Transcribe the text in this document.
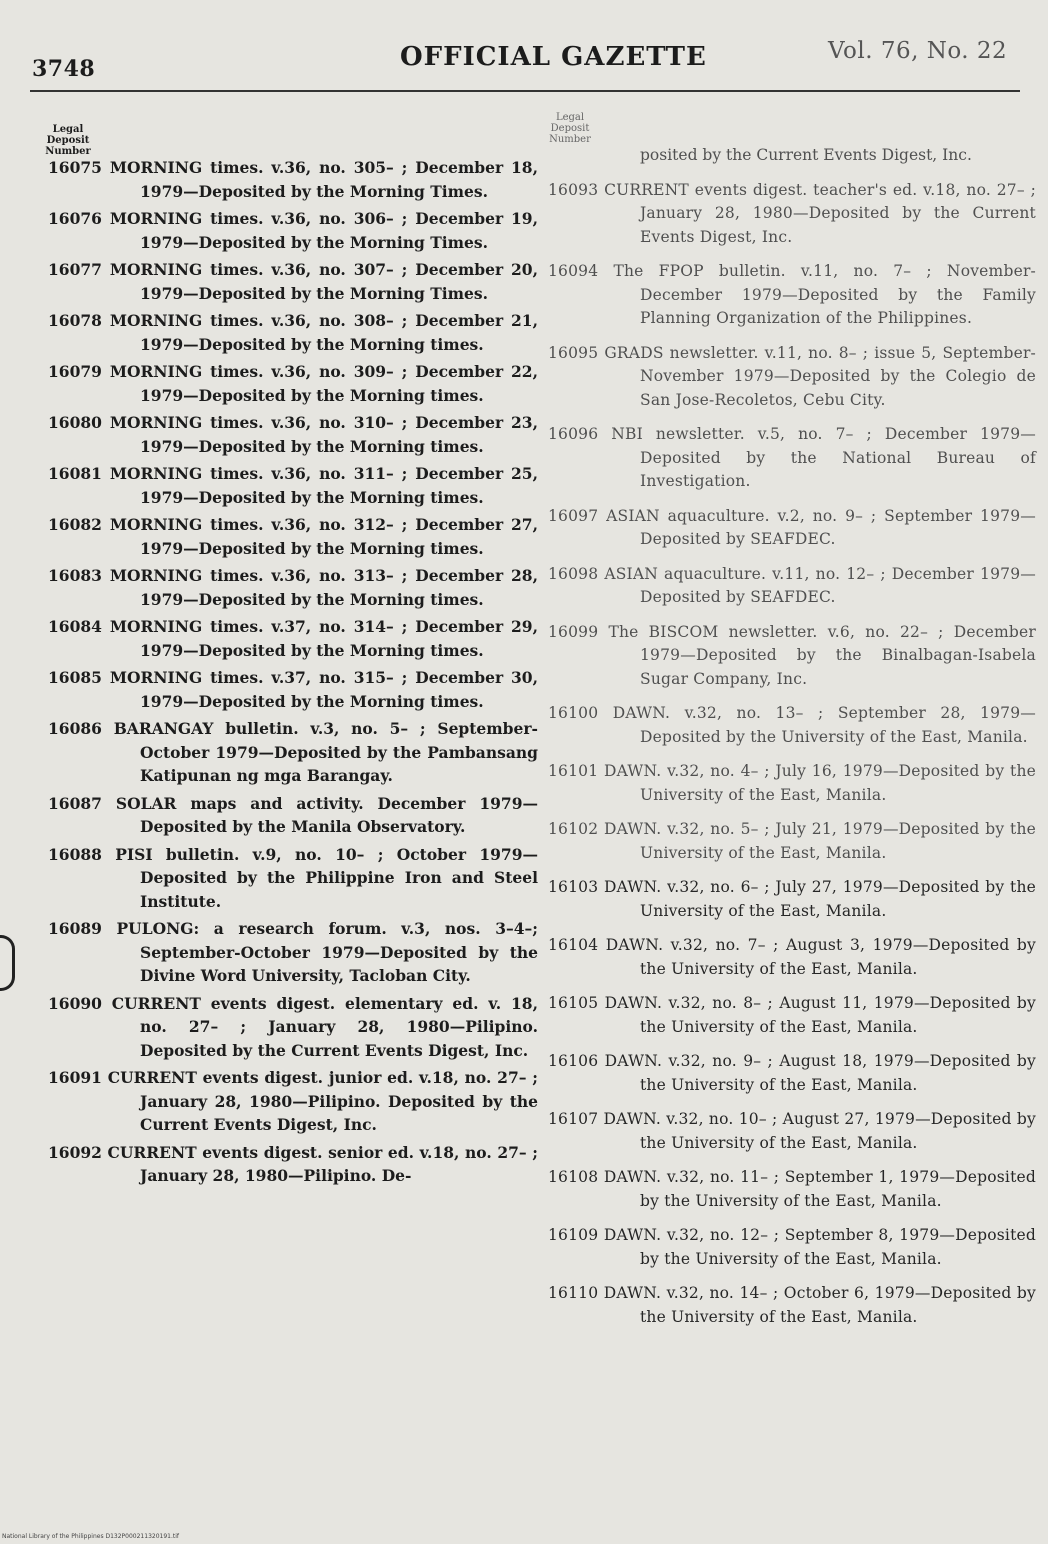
3748	OFFICIAL GAZETTE	Vol. 76, No. 22
Legal Deposit Number
Legal Deposit Number
16075 MORNING times. v.36, no. 305– ; December 18, 1979—Deposited by the Morning Times.
16076 MORNING times. v.36, no. 306– ; December 19, 1979—Deposited by the Morning Times.
16077 MORNING times. v.36, no. 307– ; December 20, 1979—Deposited by the Morning Times.
16078 MORNING times. v.36, no. 308– ; December 21, 1979—Deposited by the Morning times.
16079 MORNING times. v.36, no. 309– ; December 22, 1979—Deposited by the Morning times.
16080 MORNING times. v.36, no. 310– ; December 23, 1979—Deposited by the Morning times.
16081 MORNING times. v.36, no. 311– ; December 25, 1979—Deposited by the Morning times.
16082 MORNING times. v.36, no. 312– ; December 27, 1979—Deposited by the Morning times.
16083 MORNING times. v.36, no. 313– ; December 28, 1979—Deposited by the Morning times.
16084 MORNING times. v.37, no. 314– ; December 29, 1979—Deposited by the Morning times.
16085 MORNING times. v.37, no. 315– ; December 30, 1979—Deposited by the Morning times.
16086 BARANGAY bulletin. v.3, no. 5– ; September-October 1979—Deposited by the Pambansang Katipunan ng mga Barangay.
16087 SOLAR maps and activity. December 1979—Deposited by the Manila Observatory.
16088 PISI bulletin. v.9, no. 10– ; October 1979—Deposited by the Philippine Iron and Steel Institute.
16089 PULONG: a research forum. v.3, nos. 3–4–; September-October 1979—Deposited by the Divine Word University, Tacloban City.
16090 CURRENT events digest. elementary ed. v. 18, no. 27– ; January 28, 1980—Pilipino. Deposited by the Current Events Digest, Inc.
16091 CURRENT events digest. junior ed. v.18, no. 27– ; January 28, 1980—Pilipino. Deposited by the Current Events Digest, Inc.
16092 CURRENT events digest. senior ed. v.18, no. 27– ; January 28, 1980—Pilipino. De-
posited by the Current Events Digest, Inc.
16093 CURRENT events digest. teacher's ed. v.18, no. 27– ; January 28, 1980—Deposited by the Current Events Digest, Inc.
16094 The FPOP bulletin. v.11, no. 7– ; November-December 1979—Deposited by the Family Planning Organization of the Philippines.
16095 GRADS newsletter. v.11, no. 8– ; issue 5, September-November 1979—Deposited by the Colegio de San Jose-Recoletos, Cebu City.
16096 NBI newsletter. v.5, no. 7– ; December 1979—Deposited by the National Bureau of Investigation.
16097 ASIAN aquaculture. v.2, no. 9– ; September 1979—Deposited by SEAFDEC.
16098 ASIAN aquaculture. v.11, no. 12– ; December 1979—Deposited by SEAFDEC.
16099 The BISCOM newsletter. v.6, no. 22– ; December 1979—Deposited by the Binalbagan-Isabela Sugar Company, Inc.
16100 DAWN. v.32, no. 13– ; September 28, 1979—Deposited by the University of the East, Manila.
16101 DAWN. v.32, no. 4– ; July 16, 1979—Deposited by the University of the East, Manila.
16102 DAWN. v.32, no. 5– ; July 21, 1979—Deposited by the University of the East, Manila.
16103 DAWN. v.32, no. 6– ; July 27, 1979—Deposited by the University of the East, Manila.
16104 DAWN. v.32, no. 7– ; August 3, 1979—Deposited by the University of the East, Manila.
16105 DAWN. v.32, no. 8– ; August 11, 1979—Deposited by the University of the East, Manila.
16106 DAWN. v.32, no. 9– ; August 18, 1979—Deposited by the University of the East, Manila.
16107 DAWN. v.32, no. 10– ; August 27, 1979—Deposited by the University of the East, Manila.
16108 DAWN. v.32, no. 11– ; September 1, 1979—Deposited by the University of the East, Manila.
16109 DAWN. v.32, no. 12– ; September 8, 1979—Deposited by the University of the East, Manila.
16110 DAWN. v.32, no. 14– ; October 6, 1979—Deposited by the University of the East, Manila.
National Library of the Philippines D132P000211320191.tif
